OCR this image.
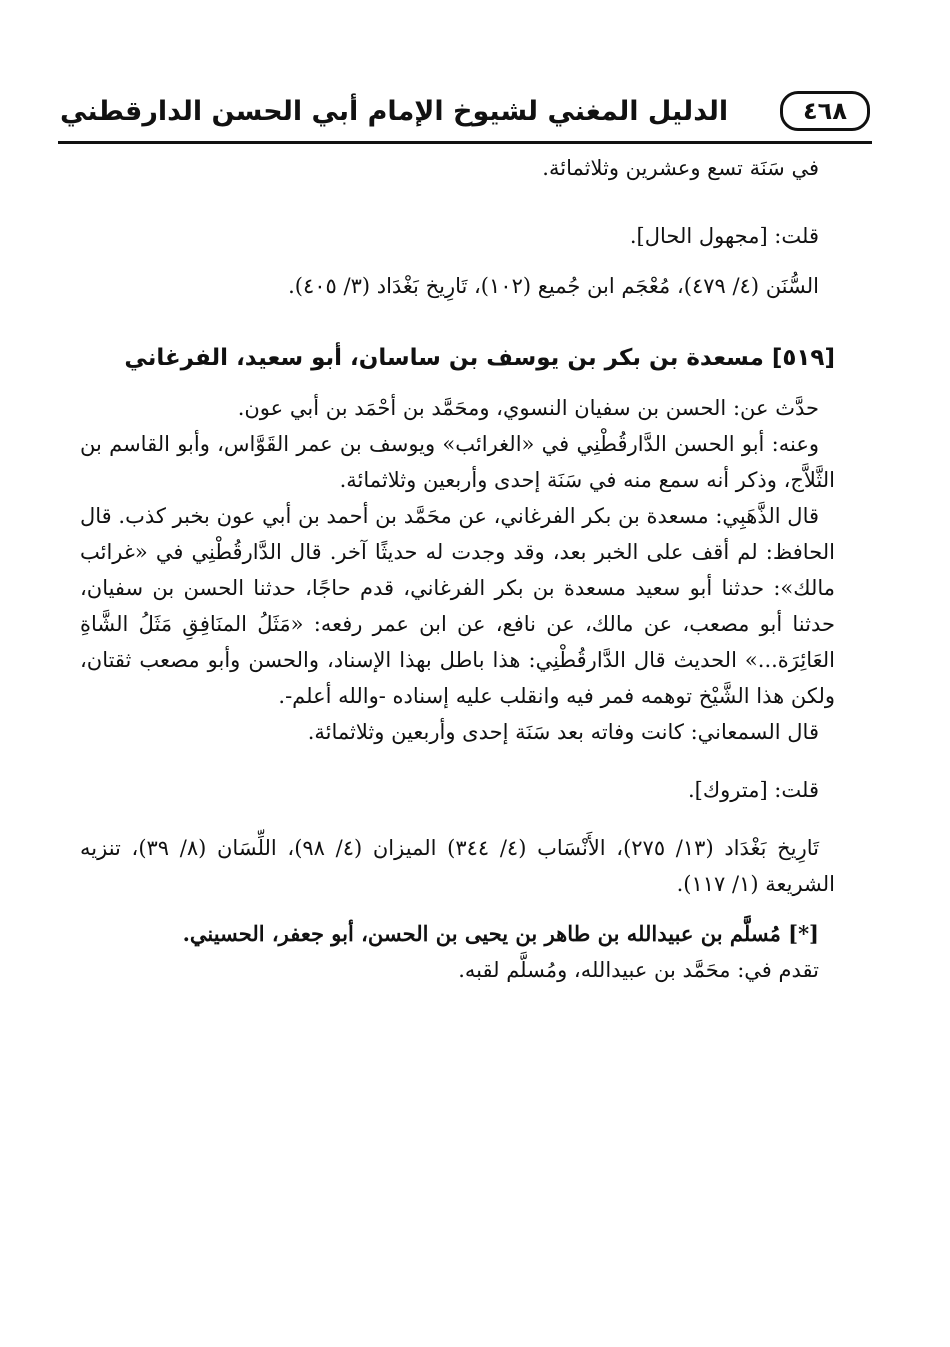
٤٦٨
الدليل المغني لشيوخ الإمام أبي الحسن الدارقطني

في سَنَة تسع وعشرين وثلاثمائة.

قلت: [مجهول الحال].

السُّنَن (٤/ ٤٧٩)، مُعْجَم ابن جُميع (١٠٢)، تَارِيخ بَغْدَاد (٣/ ٤٠٥).

[٥١٩] مسعدة بن بكر بن يوسف بن ساسان، أبو سعيد، الفرغاني

حدَّث عن: الحسن بن سفيان النسوي، ومحَمَّد بن أحْمَد بن أبي عون.

وعنه: أبو الحسن الدَّارقُطْنِي في «الغرائب» ويوسف بن عمر القَوَّاس، وأبو القاسم بن الثَّلاَّج، وذكر أنه سمع منه في سَنَة إحدى وأربعين وثلاثمائة.

قال الذَّهَبِي: مسعدة بن بكر الفرغاني، عن محَمَّد بن أحمد بن أبي عون بخبر كذب. قال الحافظ: لم أقف على الخبر بعد، وقد وجدت له حديثًا آخر. قال الدَّارقُطْنِي في «غرائب مالك»: حدثنا أبو سعيد مسعدة بن بكر الفرغاني، قدم حاجًا، حدثنا الحسن بن سفيان، حدثنا أبو مصعب، عن مالك، عن نافع، عن ابن عمر رفعه: «مَثَلُ المنَافِقِ مَثَلُ الشَّاةِ العَائِرَة...» الحديث قال الدَّارقُطْنِي: هذا باطل بهذا الإسناد، والحسن وأبو مصعب ثقتان، ولكن هذا الشَّيْخ توهمه فمر فيه وانقلب عليه إسناده -والله أعلم-.

قال السمعاني: كانت وفاته بعد سَنَة إحدى وأربعين وثلاثمائة.

قلت: [متروك].

تَارِيخ بَغْدَاد (١٣/ ٢٧٥)، الأَنْسَاب (٤/ ٣٤٤) الميزان (٤/ ٩٨)، اللِّسَان (٨/ ٣٩)، تنزيه الشريعة (١/ ١١٧).

[*] مُسلَّم بن عبيدالله بن طاهر بن يحيى بن الحسن، أبو جعفر، الحسيني.

تقدم في: محَمَّد بن عبيدالله، ومُسلَّم لقبه.
